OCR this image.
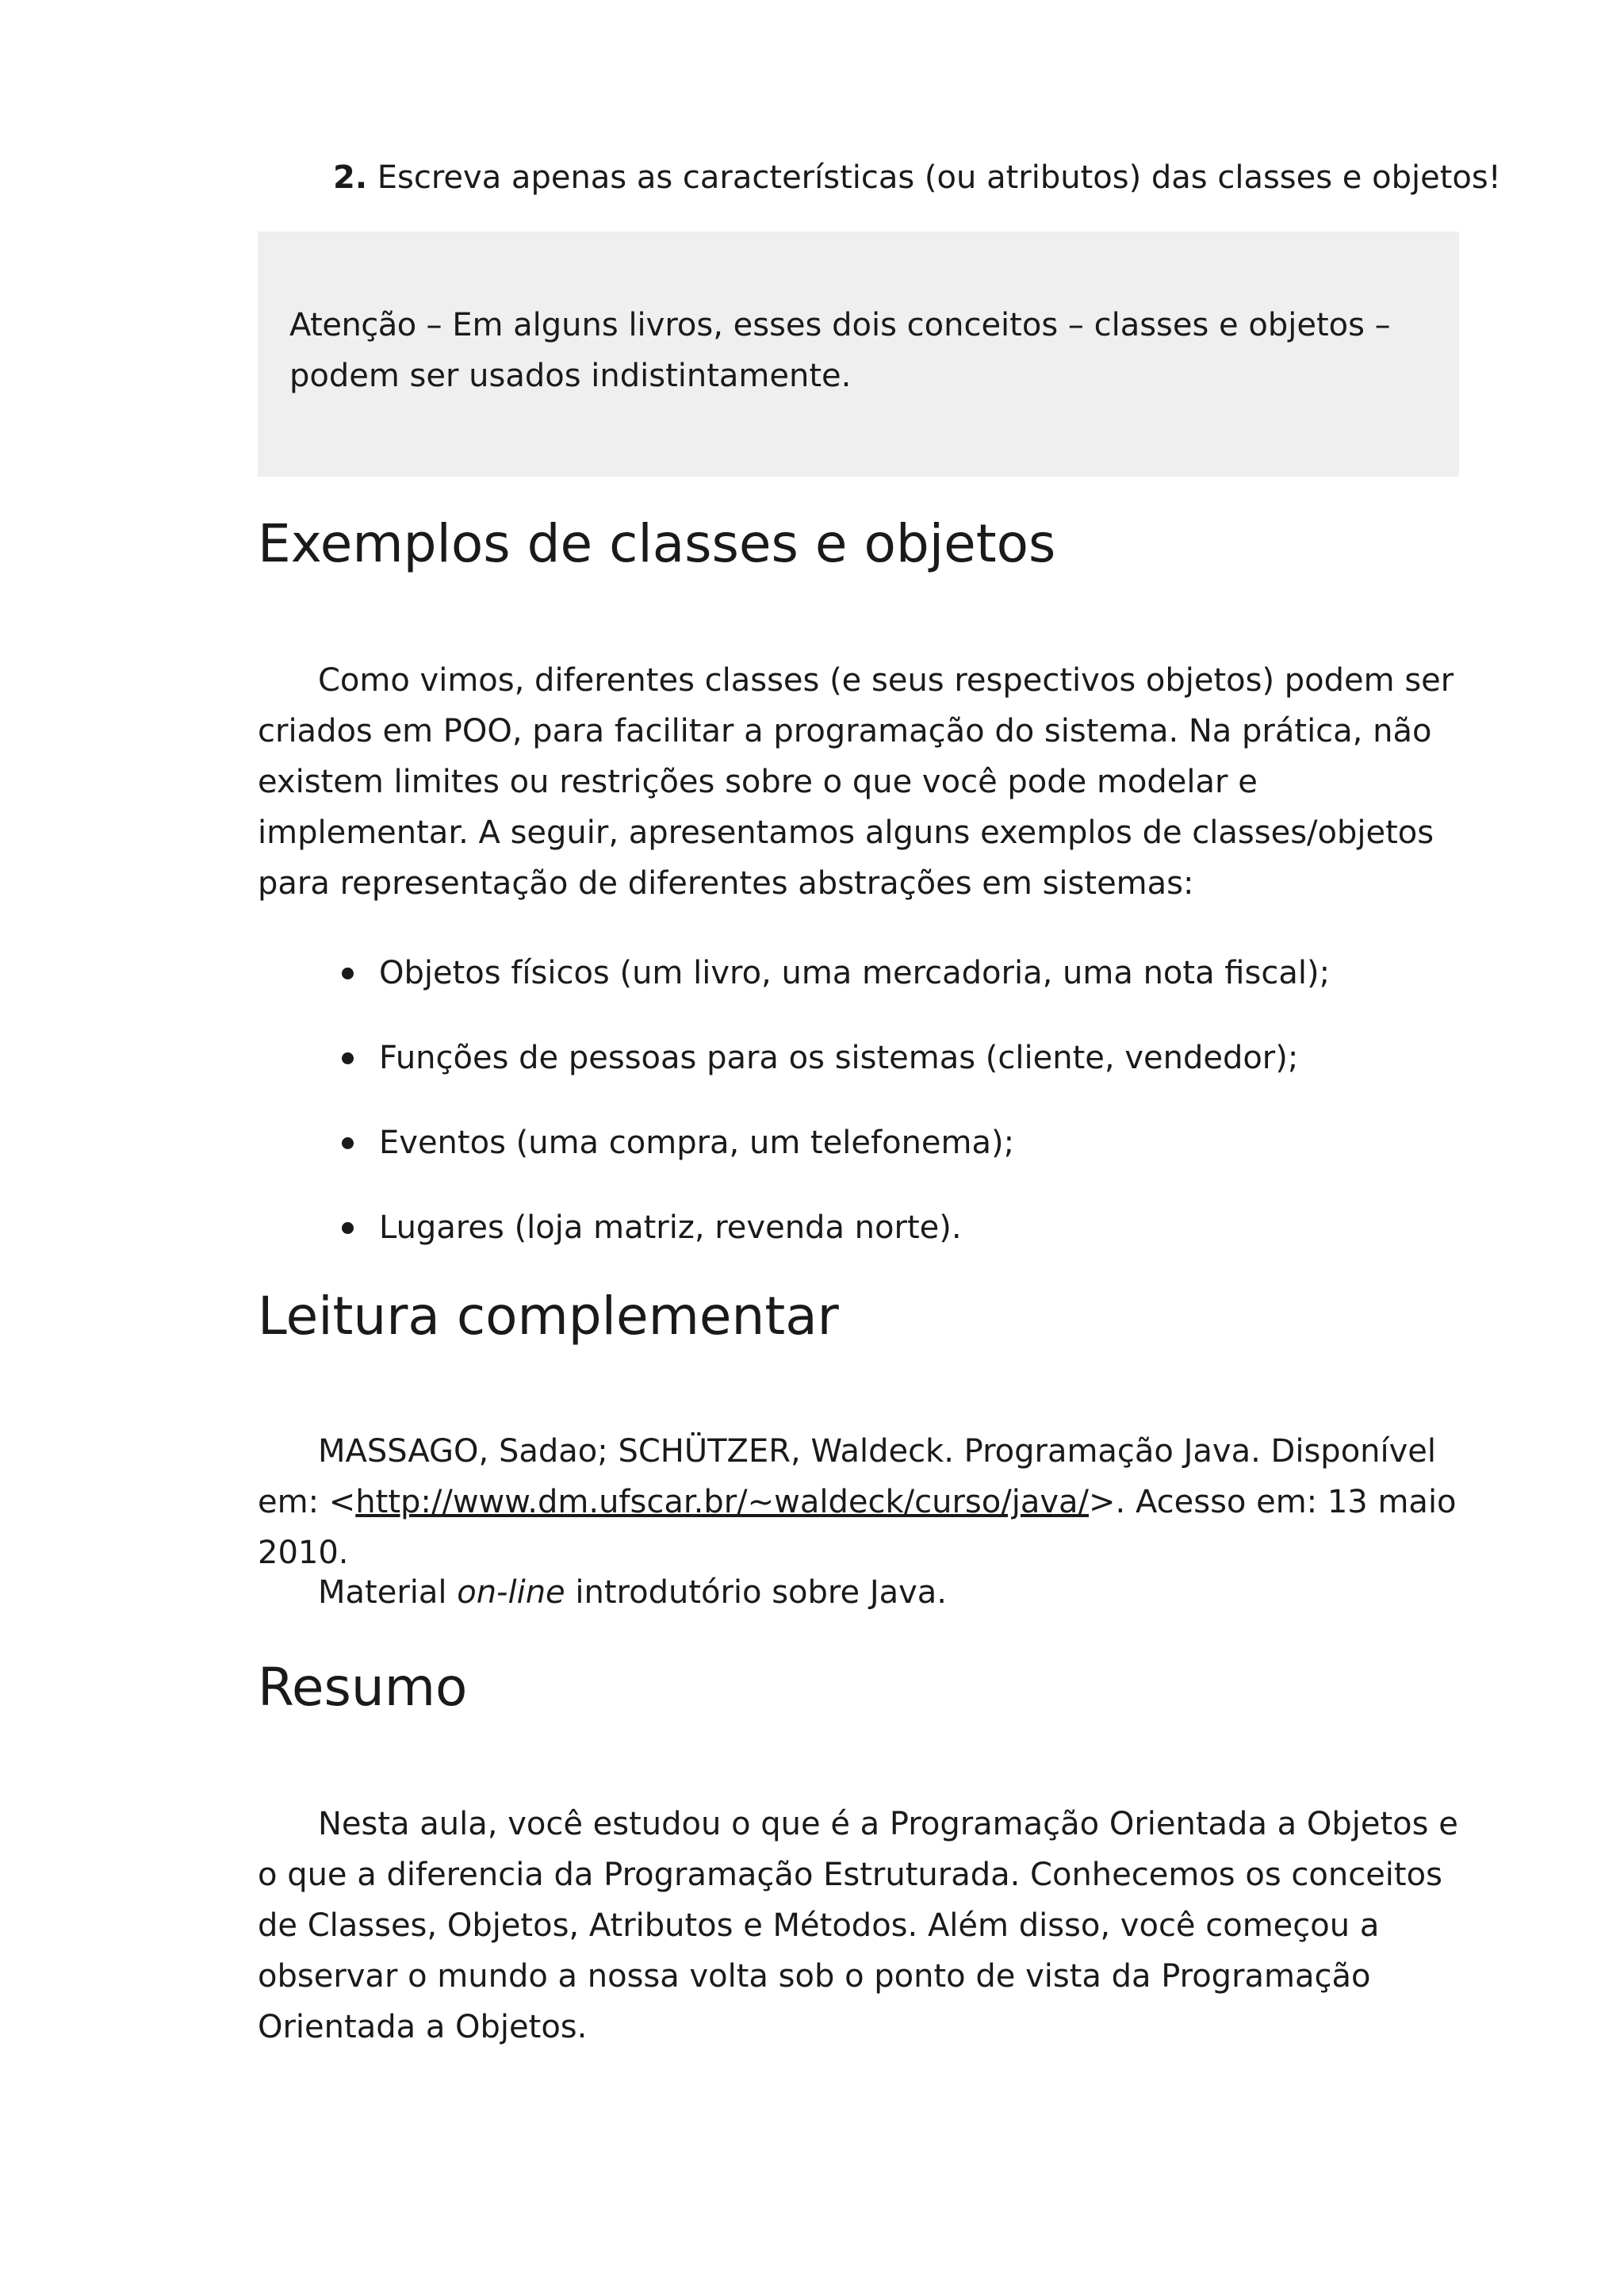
2. Escreva apenas as características (ou atributos) das classes e objetos!
Atenção – Em alguns livros, esses dois conceitos – classes e objetos – podem ser usados indistintamente.
Exemplos de classes e objetos

Como vimos, diferentes classes (e seus respectivos objetos) podem ser criados em POO, para facilitar a programação do sistema. Na prática, não existem limites ou restrições sobre o que você pode modelar e implementar. A seguir, apresentamos alguns exemplos de classes/objetos para representação de diferentes abstrações em sistemas:

Objetos físicos (um livro, uma mercadoria, uma nota fiscal);
Funções de pessoas para os sistemas (cliente, vendedor);
Eventos (uma compra, um telefonema);
Lugares (loja matriz, revenda norte).
Leitura complementar

MASSAGO, Sadao; SCHÜTZER, Waldeck. Programação Java. Disponível em: <http://www.dm.ufscar.br/~waldeck/curso/java/>. Acesso em: 13 maio 2010.

Material on-line introdutório sobre Java.

Resumo

Nesta aula, você estudou o que é a Programação Orientada a Objetos e o que a diferencia da Programação Estruturada. Conhecemos os conceitos de Classes, Objetos, Atributos e Métodos. Além disso, você começou a observar o mundo a nossa volta sob o ponto de vista da Programação Orientada a Objetos.
